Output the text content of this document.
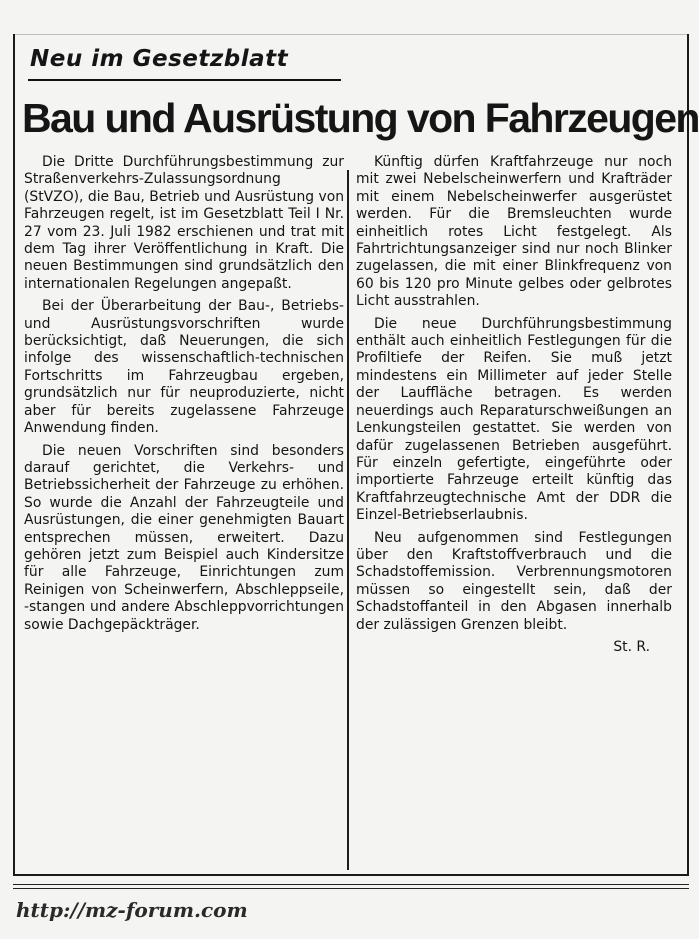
Neu im Gesetzblatt
Bau und Ausrüstung von Fahrzeugen

Die Dritte Durchführungsbestimmung zur Straßenverkehrs-Zulassungsordnung (StVZO), die Bau, Betrieb und Ausrüstung von Fahrzeugen regelt, ist im Gesetzblatt Teil I Nr. 27 vom 23. Juli 1982 erschienen und trat mit dem Tag ihrer Veröffentlichung in Kraft. Die neuen Bestimmungen sind grundsätzlich den internationalen Regelungen angepaßt.

Bei der Überarbeitung der Bau-, Betriebs- und Ausrüstungsvorschriften wurde berücksichtigt, daß Neuerungen, die sich infolge des wissenschaftlich-technischen Fortschritts im Fahrzeugbau ergeben, grundsätzlich nur für neuproduzierte, nicht aber für bereits zugelassene Fahrzeuge Anwendung finden.

Die neuen Vorschriften sind besonders darauf gerichtet, die Verkehrs- und Betriebssicherheit der Fahrzeuge zu erhöhen. So wurde die Anzahl der Fahrzeugteile und Ausrüstungen, die einer genehmigten Bauart entsprechen müssen, erweitert. Dazu gehören jetzt zum Beispiel auch Kindersitze für alle Fahrzeuge, Einrichtungen zum Reinigen von Scheinwerfern, Abschleppseile, -stangen und andere Abschleppvorrichtungen sowie Dachgepäckträger.

Künftig dürfen Kraftfahrzeuge nur noch mit zwei Nebelscheinwerfern und Krafträder mit einem Nebelscheinwerfer ausgerüstet werden. Für die Bremsleuchten wurde einheitlich rotes Licht festgelegt. Als Fahrtrichtungsanzeiger sind nur noch Blinker zugelassen, die mit einer Blinkfrequenz von 60 bis 120 pro Minute gelbes oder gelbrotes Licht ausstrahlen.

Die neue Durchführungsbestimmung enthält auch einheitlich Festlegungen für die Profiltiefe der Reifen. Sie muß jetzt mindestens ein Millimeter auf jeder Stelle der Lauffläche betragen. Es werden neuerdings auch Reparaturschweißungen an Lenkungsteilen gestattet. Sie werden von dafür zugelassenen Betrieben ausgeführt. Für einzeln gefertigte, eingeführte oder importierte Fahrzeuge erteilt künftig das Kraftfahrzeugtechnische Amt der DDR die Einzel-Betriebserlaubnis.

Neu aufgenommen sind Festlegungen über den Kraftstoffverbrauch und die Schadstoffemission. Verbrennungsmotoren müssen so eingestellt sein, daß der Schadstoffanteil in den Abgasen innerhalb der zulässigen Grenzen bleibt.

St. R.

http://mz-forum.com
